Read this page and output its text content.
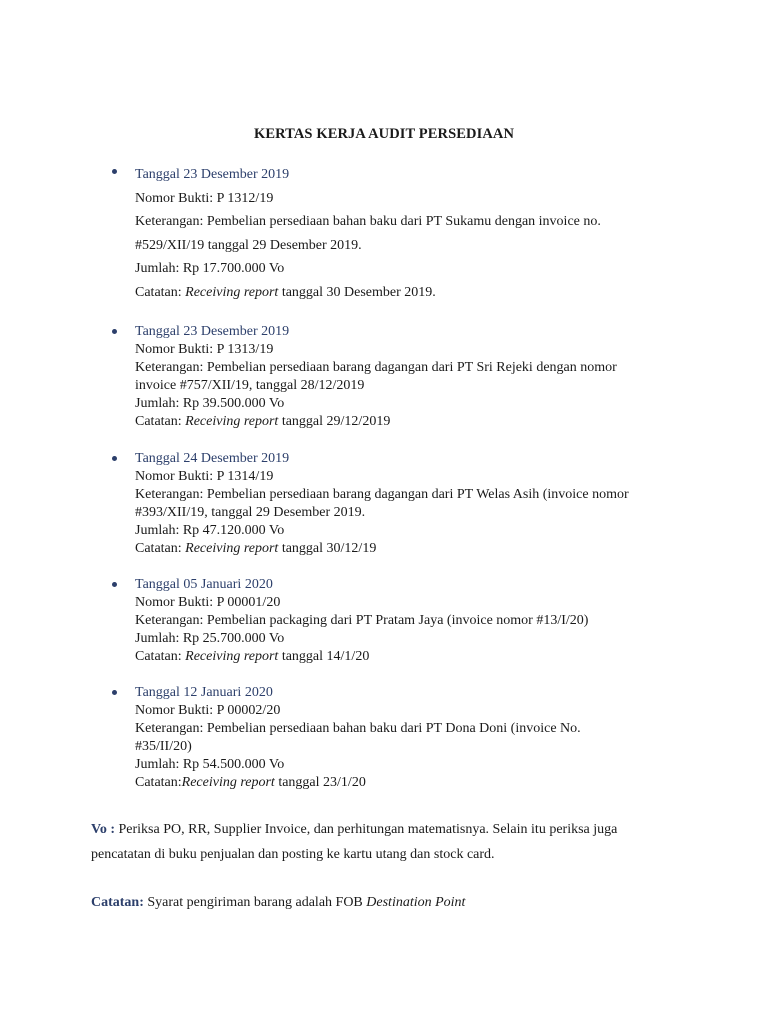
KERTAS KERJA AUDIT PERSEDIAAN
Tanggal 23 Desember 2019
Nomor Bukti: P 1312/19
Keterangan: Pembelian persediaan bahan baku dari PT Sukamu dengan invoice no.
#529/XII/19 tanggal 29 Desember 2019.
Jumlah: Rp 17.700.000 Vo
Catatan: Receiving report tanggal 30 Desember 2019.
Tanggal 23 Desember 2019
Nomor Bukti: P 1313/19
Keterangan: Pembelian persediaan barang dagangan dari PT Sri Rejeki dengan nomor
invoice #757/XII/19, tanggal 28/12/2019
Jumlah: Rp 39.500.000 Vo
Catatan: Receiving report tanggal 29/12/2019
Tanggal 24 Desember 2019
Nomor Bukti: P 1314/19
Keterangan: Pembelian persediaan barang dagangan dari PT Welas Asih (invoice nomor
#393/XII/19, tanggal 29 Desember 2019.
Jumlah: Rp 47.120.000 Vo
Catatan: Receiving report tanggal 30/12/19
Tanggal 05 Januari 2020
Nomor Bukti: P 00001/20
Keterangan: Pembelian packaging dari PT Pratam Jaya (invoice nomor #13/I/20)
Jumlah: Rp 25.700.000 Vo
Catatan: Receiving report tanggal 14/1/20
Tanggal 12 Januari 2020
Nomor Bukti: P 00002/20
Keterangan: Pembelian persediaan bahan baku dari PT Dona Doni (invoice No.
#35/II/20)
Jumlah: Rp 54.500.000 Vo
Catatan:Receiving report tanggal 23/1/20
Vo : Periksa PO, RR, Supplier Invoice, dan perhitungan matematisnya. Selain itu periksa juga
pencatatan di buku penjualan dan posting ke kartu utang dan stock card.
Catatan: Syarat pengiriman barang adalah FOB Destination Point
